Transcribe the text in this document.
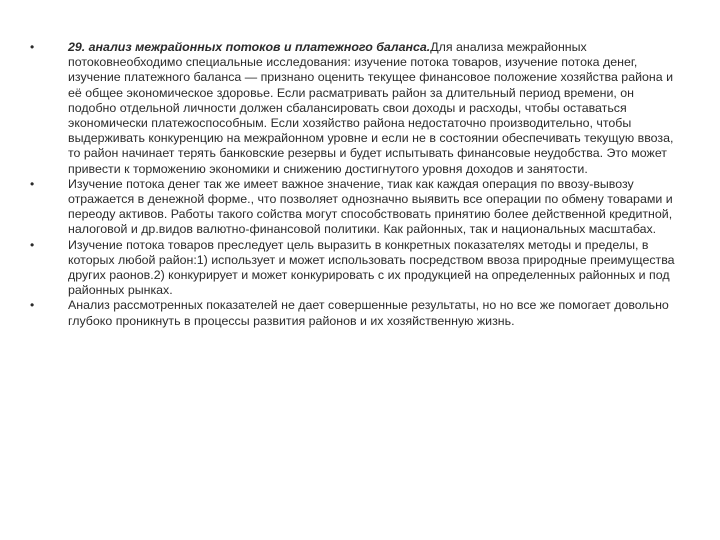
•	29. анализ межрайонных потоков и платежного баланса.Для анализа межрайонных потоковнеобходимо специальные исследования: изучение потока товаров, изучение потока денег, изучение платежного баланса — признано оценить текущее финансовое положение хозяйства района и её общее экономическое здоровье. Если расматривать район за длительный период времени, он подобно отдельной личности должен сбалансировать свои доходы и расходы, чтобы оставаться экономически платежоспособным. Если хозяйство района недостаточно производительно, чтобы выдерживать конкуренцию на межрайонном уровне и если не в состоянии обеспечивать текущую ввоза, то район начинает терять банковские резервы и будет испытывать финансовые неудобства. Это может привести к торможению экономики и снижению достигнутого уровня доходов и занятости.
•	Изучение потока денег так же имеет важное значение, тиак как каждая операция по ввозу-вывозу отражается в денежной форме., что позволяет однозначно выявить все операции по обмену товарами и переоду активов. Работы такого сойства могут способствовать принятию более действенной кредитной, налоговой и др.видов валютно-финансовой политики. Как районных, так и национальных масштабах.
•	Изучение потока товаров преследует цель выразить в конкретных показателях методы и пределы, в которых любой район:1) использует и может использовать посредством ввоза природные преимущества других раонов.2) конкурирует и может конкурировать с их продукцией на определенных районных и под районных рынках.
•	Анализ рассмотренных показателей не дает совершенные результаты, но но все же помогает довольно глубоко проникнуть в процессы развития районов и их хозяйственную жизнь.
